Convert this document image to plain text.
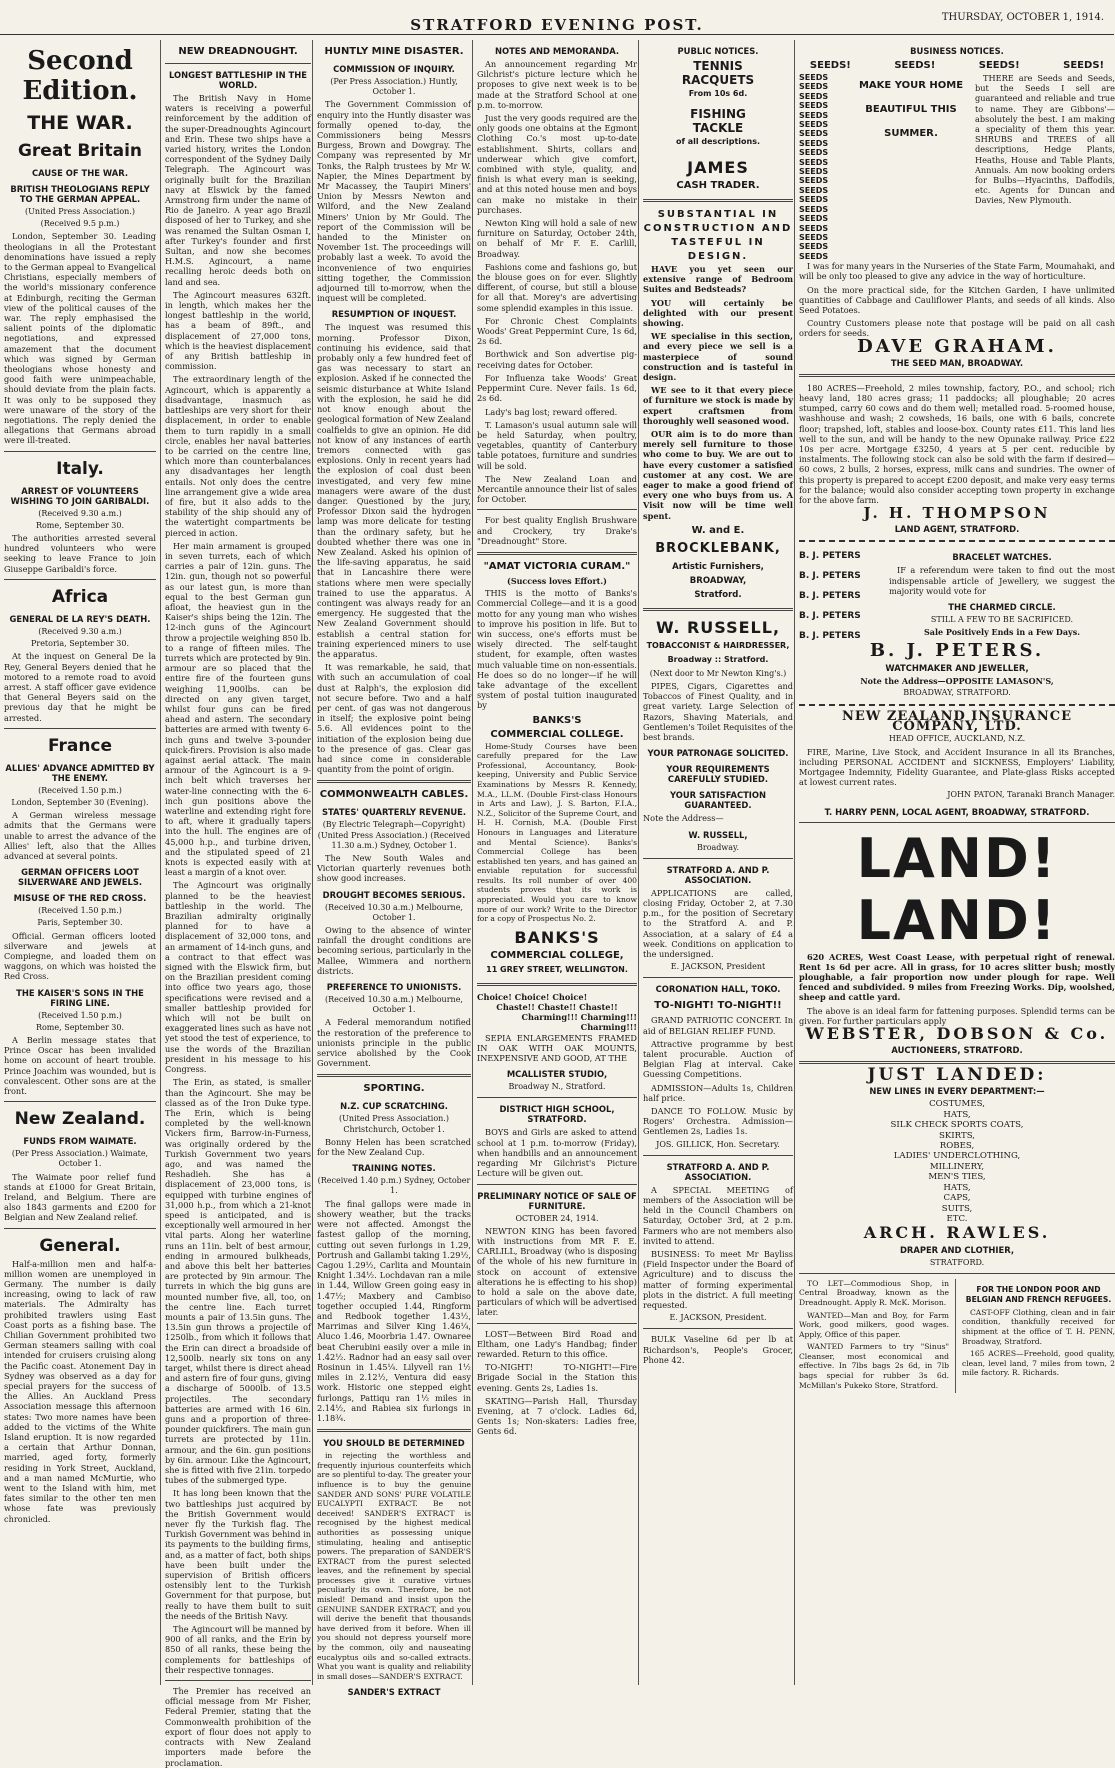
STRATFORD EVENING POST.	THURSDAY, OCTOBER 1, 1914.
Second Edition.
THE WAR.
Great Britain
CAUSE OF THE WAR.
BRITISH THEOLOGIANS REPLY TO THE GERMAN APPEAL.
(United Press Association.)
(Received 9.5 p.m.)

London, September 30. Leading theologians in all the Protestant denominations have issued a reply to the German appeal to Evangelical Christians, especially members of the world's missionary conference at Edinburgh, reciting the German view of the political causes of the war. The reply emphasised the salient points of the diplomatic negotiations, and expressed amazement that the document which was signed by German theologians whose honesty and good faith were unimpeachable, should deviate from the plain facts. It was only to be supposed they were unaware of the story of the negotiations. The reply denied the allegations that Germans abroad were ill-treated.

Italy.
ARREST OF VOLUNTEERS WISHING TO JOIN GARIBALDI.
(Received 9.30 a.m.)
Rome, September 30.

The authorities arrested several hundred volunteers who were seeking to leave France to join Giuseppe Garibaldi's force.

Africa
GENERAL DE LA REY'S DEATH.
(Received 9.30 a.m.)
Pretoria, September 30.

At the inquest on General De la Rey, General Beyers denied that he motored to a remote road to avoid arrest. A staff officer gave evidence that General Beyers said on the previous day that he might be arrested.

France
ALLIES' ADVANCE ADMITTED BY THE ENEMY.
(Received 1.50 p.m.)
London, September 30 (Evening).

A German wireless message admits that the Germans were unable to arrest the advance of the Allies' left, also that the Allies advanced at several points.

GERMAN OFFICERS LOOT SILVERWARE AND JEWELS.
MISUSE OF THE RED CROSS.
(Received 1.50 p.m.)
Paris, September 30.

Official. German officers looted silverware and jewels at Compiegne, and loaded them on waggons, on which was hoisted the Red Cross.

THE KAISER'S SONS IN THE FIRING LINE.
(Received 1.50 p.m.)
Rome, September 30.

A Berlin message states that Prince Oscar has been invalided home on account of heart trouble. Prince Joachim was wounded, but is convalescent. Other sons are at the front.

New Zealand.
FUNDS FROM WAIMATE.
(Per Press Association.) Waimate, October 1.

The Waimate poor relief fund stands at £1000 for Great Britain, Ireland, and Belgium. There are also 1843 garments and £200 for Belgian and New Zealand relief.

General.

Half-a-million men and half-a-million women are unemployed in Germany. The number is daily increasing, owing to lack of raw materials. The Admiralty has prohibited trawlers using East Coast ports as a fishing base. The Chilian Government prohibited two German steamers sailing with coal intended for cruisers cruising along the Pacific coast. Atonement Day in Sydney was observed as a day for special prayers for the success of the Allies. An Auckland Press Association message this afternoon states: Two more names have been added to the victims of the White Island eruption. It is now regarded a certain that Arthur Donnan, married, aged forty, formerly residing in York Street, Auckland, and a man named McMurtie, who went to the Island with him, met fates similar to the other ten men whose fate was previously chronicled.

NEW DREADNOUGHT.
LONGEST BATTLESHIP IN THE WORLD.

The British Navy in Home waters is receiving a powerful reinforcement by the addition of the super-Dreadnoughts Agincourt and Erin. These two ships have a varied history, writes the London correspondent of the Sydney Daily Telegraph. The Agincourt was originally built for the Brazilian navy at Elswick by the famed Armstrong firm under the name of Rio de Janeiro. A year ago Brazil disposed of her to Turkey, and she was renamed the Sultan Osman I, after Turkey's founder and first Sultan, and now she becomes H.M.S. Agincourt, a name recalling heroic deeds both on land and sea.

The Agincourt measures 632ft. in length, which makes her the longest battleship in the world, has a beam of 89ft., and displacement of 27,000 tons, which is the heaviest displacement of any British battleship in commission.

The extraordinary length of the Agincourt, which is apparently a disadvantage, inasmuch as battleships are very short for their displacement, in order to enable them to turn rapidly in a small circle, enables her naval batteries to be carried on the centre line, which more than counterbalances any disadvantages her length entails. Not only does the centre line arrangement give a wide area of fire, but it also adds to the stability of the ship should any of the watertight compartments be pierced in action.

Her main armament is grouped in seven turrets, each of which carries a pair of 12in. guns. The 12in. gun, though not so powerful as our latest gun, is more than equal to the best German gun afloat, the heaviest gun in the Kaiser's ships being the 12in. The 12-inch guns of the Agincourt throw a projectile weighing 850 lb. to a range of fifteen miles. The turrets which are protected by 9in. armour are so placed that the entire fire of the fourteen guns weighing 11,900lbs. can be directed on any given target, whilst four guns can be fired ahead and astern. The secondary batteries are armed with twenty 6-inch guns and twelve 3-pounder quick-firers. Provision is also made against aerial attack. The main armour of the Agincourt is a 9-inch belt which traverses her water-line connecting with the 6-inch gun positions above the waterline and extending right fore to aft, where it gradually tapers into the hull. The engines are of 45,000 h.p., and turbine driven, and the stipulated speed of 21 knots is expected easily with at least a margin of a knot over.

The Agincourt was originally planned to be the heaviest battleship in the world. The Brazilian admiralty originally planned for to have a displacement of 32,000 tons, and an armament of 14-inch guns, and a contract to that effect was signed with the Elswick firm, but on the Brazilian president coming into office two years ago, those specifications were revised and a smaller battleship provided for which will not be built on exaggerated lines such as have not yet stood the test of experience, to use the words of the Brazilian president in his message to his Congress.

The Erin, as stated, is smaller than the Agincourt. She may be classed as of the Iron Duke type. The Erin, which is being completed by the well-known Vickers firm, Barrow-in-Furness, was originally ordered by the Turkish Government two years ago, and was named the Reshadieh. She has a displacement of 23,000 tons, is equipped with turbine engines of 31,000 h.p., from which a 21-knot speed is anticipated, and is exceptionally well armoured in her vital parts. Along her waterline runs an 11in. belt of best armour, ending in armoured bulkheads, and above this belt her batteries are protected by 9in armour. The turrets in which the big guns are mounted number five, all, too, on the centre line. Each turret mounts a pair of 13.5in guns. The 13.5in gun throws a projectile of 1250lb., from which it follows that the Erin can direct a broadside of 12,500lb. nearly six tons on any target, whilst there is direct ahead and astern fire of four guns, giving a discharge of 5000lb. of 13.5 projectiles. The secondary batteries are armed with 16 6in. guns and a proportion of three-pounder quickfirers. The main gun turrets are protected by 11in. armour, and the 6in. gun positions by 6in. armour. Like the Agincourt, she is fitted with five 21in. torpedo tubes of the submerged type.

It has long been known that the two battleships just acquired by the British Government would never fly the Turkish flag. The Turkish Government was behind in its payments to the building firms, and, as a matter of fact, both ships have been built under the supervision of British officers ostensibly lent to the Turkish Government for that purpose, but really to have them built to suit the needs of the British Navy.

The Agincourt will be manned by 900 of all ranks, and the Erin by 850 of all ranks, these being the complements for battleships of their respective tonnages.

The Premier has received an official message from Mr Fisher, Federal Premier, stating that the Commonwealth prohibition of the export of flour does not apply to contracts with New Zealand importers made before the proclamation.

HUNTLY MINE DISASTER.
COMMISSION OF INQUIRY.
(Per Press Association.) Huntly, October 1.

The Government Commission of enquiry into the Huntly disaster was formally opened to-day, the Commissioners being Messrs Burgess, Brown and Dowgray. The Company was represented by Mr Tonks, the Ralph trustees by Mr W. Napier, the Mines Department by Mr Macassey, the Taupiri Miners' Union by Messrs Newton and Wilford, and the New Zealand Miners' Union by Mr Gould. The report of the Commission will be handed to the Minister on November 1st. The proceedings will probably last a week. To avoid the inconvenience of two enquiries sitting together, the Commission adjourned till to-morrow, when the inquest will be completed.

RESUMPTION OF INQUEST.

The inquest was resumed this morning. Professor Dixon, continuing his evidence, said that probably only a few hundred feet of gas was necessary to start an explosion. Asked if he connected the seismic disturbance at White Island with the explosion, he said he did not know enough about the geological formation of New Zealand coalfields to give an opinion. He did not know of any instances of earth tremors connected with gas explosions. Only in recent years had the explosion of coal dust been investigated, and very few mine managers were aware of the dust danger. Questioned by the jury, Professor Dixon said the hydrogen lamp was more delicate for testing than the ordinary safety, but he doubted whether there was one in New Zealand. Asked his opinion of the life-saving apparatus, he said that in Lancashire there were stations where men were specially trained to use the apparatus. A contingent was always ready for an emergency. He suggested that the New Zealand Government should establish a central station for training experienced miners to use the apparatus.

It was remarkable, he said, that with such an accumulation of coal dust at Ralph's, the explosion did not secure before. Two and a half per cent. of gas was not dangerous in itself; the explosive point being 5.6. All evidences point to the initiation of the explosion being due to the presence of gas. Clear gas had since come in considerable quantity from the point of origin.

COMMONWEALTH CABLES.
STATES' QUARTERLY REVENUE.
(By Electric Telegraph—Copyright) (United Press Association.) (Received 11.30 a.m.) Sydney, October 1.

The New South Wales and Victorian quarterly revenues both show good increases.

DROUGHT BECOMES SERIOUS.
(Received 10.30 a.m.) Melbourne, October 1.

Owing to the absence of winter rainfall the drought conditions are becoming serious, particularly in the Mallee, Wimmera and northern districts.

PREFERENCE TO UNIONISTS.
(Received 10.30 a.m.) Melbourne, October 1.

A Federal memorandum notified the restoration of the preference to unionists principle in the public service abolished by the Cook Government.

SPORTING.
N.Z. CUP SCRATCHING.
(United Press Association.) Christchurch, October 1.

Bonny Helen has been scratched for the New Zealand Cup.

TRAINING NOTES.
(Received 1.40 p.m.) Sydney, October 1.

The final gallops were made in showery weather, but the tracks were not affected. Amongst the fastest gallop of the morning, cutting out seven furlongs in 1.29, Portrush and Gallambi taking 1.29½, Cagou 1.29½, Carlita and Mountain Knight 1.34½. Lochdavan ran a mile in 1.44, Willow Green going easy in 1.47½; Maxbery and Cambiso together occupied 1.44, Ringform and Redbook together 1.43½, Marrimas and Silver King 1.46¼, Aluco 1.46, Moorbria 1.47. Ownaree beat Cherubini easily over a mile in 1.42½. Radnor had an easy sail over Rosinun in 1.45¼. Lilyvell ran 1½ miles in 2.12½, Ventura did easy work. Historic one stepped eight furlongs, Pattiqu ran 1½ miles in 2.14½, and Rabiea six furlongs in 1.18¾.

YOU SHOULD BE DETERMINED

in rejecting the worthless and frequently injurious counterfeits which are so plentiful to-day. The greater your influence is to buy the genuine SANDER AND SONS' PURE VOLATILE EUCALYPTI EXTRACT. Be not deceived! SANDER'S EXTRACT is recognised by the highest medical authorities as possessing unique stimulating, healing and antiseptic powers. The preparation of SANDER'S EXTRACT from the purest selected leaves, and the refinement by special processes give it curative virtues peculiarly its own. Therefore, be not misled! Demand and insist upon the GENUINE SANDER EXTRACT, and you will derive the benefit that thousands have derived from it before. When ill you should not depress yourself more by the common, oily and nauseating eucalyptus oils and so-called extracts. What you want is quality and reliability in small doses—SANDER'S EXTRACT.

SANDER'S EXTRACT
NOTES AND MEMORANDA.

An announcement regarding Mr Gilchrist's picture lecture which he proposes to give next week is to be made at the Stratford School at one p.m. to-morrow.

Just the very goods required are the only goods one obtains at the Egmont Clothing Co.'s most up-to-date establishment. Shirts, collars and underwear which give comfort, combined with style, quality, and finish is what every man is seeking, and at this noted house men and boys can make no mistake in their purchases.

Newton King will hold a sale of new furniture on Saturday, October 24th, on behalf of Mr F. E. Carlill, Broadway.

Fashions come and fashions go, but the blouse goes on for ever. Slightly different, of course, but still a blouse for all that. Morey's are advertising some splendid examples in this issue.

For Chronic Chest Complaints Woods' Great Peppermint Cure, 1s 6d, 2s 6d.

Borthwick and Son advertise pig-receiving dates for October.

For Influenza take Woods' Great Peppermint Cure. Never fails. 1s 6d, 2s 6d.

Lady's bag lost; reward offered.

T. Lamason's usual autumn sale will be held Saturday, when poultry, vegetables, quantity of Canterbury table potatoes, furniture and sundries will be sold.

The New Zealand Loan and Mercantile announce their list of sales for October.

For best quality English Brushware and Crockery, try Drake's "Dreadnought" Store.

"AMAT VICTORIA CURAM."
(Success loves Effort.)

THIS is the motto of Banks's Commercial College—and it is a good motto for any young man who wishes to improve his position in life. But to win success, one's efforts must be wisely directed. The self-taught student, for example, often wastes much valuable time on non-essentials. He does so do no longer—if he will take advantage of the excellent system of postal tuition inaugurated by

BANKS'S
COMMERCIAL COLLEGE.

Home-Study Courses have been carefully prepared for the Law Professional, Accountancy, Book-keeping, University and Public Service Examinations by Messrs R. Kennedy, M.A., LL.M. (Double First-class Honours in Arts and Law), J. S. Barton, F.I.A., N.Z., Solicitor of the Supreme Court, and H. H. Cornish, M.A. (Double First Honours in Languages and Literature and Mental Science). Banks's Commercial College has been established ten years, and has gained an enviable reputation for successful results. Its roll number of over 400 students proves that its work is appreciated. Would you care to know more of our work? Write to the Director for a copy of Prospectus No. 2.

BANKS'S
COMMERCIAL COLLEGE,
11 GREY STREET, WELLINGTON.
Choice! Choice! Choice!
Chaste!! Chaste!! Chaste!!
Charming!!! Charming!!! Charming!!!

SEPIA ENLARGEMENTS FRAMED IN OAK WITH OAK MOUNTS, INEXPENSIVE AND GOOD, AT THE

MCALLISTER STUDIO,
Broadway N., Stratford.
DISTRICT HIGH SCHOOL, STRATFORD.

BOYS and Girls are asked to attend school at 1 p.m. to-morrow (Friday), when handbills and an announcement regarding Mr Gilchrist's Picture Lecture will be given out.

PRELIMINARY NOTICE OF SALE OF FURNITURE.
OCTOBER 24, 1914.

NEWTON KING has been favored with instructions from MR F. E. CARLILL, Broadway (who is disposing of the whole of his new furniture in stock on account of extensive alterations he is effecting to his shop) to hold a sale on the above date, particulars of which will be advertised later.

LOST—Between Bird Road and Eltham, one Lady's Handbag; finder rewarded. Return to this office.

TO-NIGHT! TO-NIGHT!—Fire Brigade Social in the Station this evening. Gents 2s, Ladies 1s.

SKATING—Parish Hall, Thursday Evening, at 7 o'clock. Ladies 6d, Gents 1s; Non-skaters: Ladies free, Gents 6d.

PUBLIC NOTICES.
TENNIS
RACQUETS
From 10s 6d.
FISHING
TACKLE
of all descriptions.
JAMES
CASH TRADER.
SUBSTANTIAL IN CONSTRUCTION AND TASTEFUL IN DESIGN.

HAVE you yet seen our extensive range of Bedroom Suites and Bedsteads?

YOU will certainly be delighted with our present showing.

WE specialise in this section, and every piece we sell is a masterpiece of sound construction and is tasteful in design.

WE see to it that every piece of furniture we stock is made by expert craftsmen from thoroughly well seasoned wood.

OUR aim is to do more than merely sell furniture to those who come to buy. We are out to have every customer a satisfied customer at any cost. We are eager to make a good friend of every one who buys from us. A Visit now will be time well spent.

W. and E.
BROCKLEBANK,
Artistic Furnishers,
BROADWAY,
Stratford.
W. RUSSELL,
TOBACCONIST & HAIRDRESSER,
Broadway :: Stratford.
(Next door to Mr Newton King's.)

PIPES, Cigars, Cigarettes and Tobaccos of Finest Quality, and in great variety. Large Selection of Razors, Shaving Materials, and Gentlemen's Toilet Requisites of the best brands.

YOUR PATRONAGE SOLICITED.
YOUR REQUIREMENTS CAREFULLY STUDIED.
YOUR SATISFACTION GUARANTEED.
Note the Address—
W. RUSSELL,
Broadway.
STRATFORD A. AND P. ASSOCIATION.

APPLICATIONS are called, closing Friday, October 2, at 7.30 p.m., for the position of Secretary to the Stratford A. and P. Association, at a salary of £4 a week. Conditions on application to the undersigned.

E. JACKSON, President
CORONATION HALL, TOKO.
TO-NIGHT! TO-NIGHT!!

GRAND PATRIOTIC CONCERT. In aid of BELGIAN RELIEF FUND.

Attractive programme by best talent procurable. Auction of Belgian Flag at interval. Cake Guessing Competitions.

ADMISSION—Adults 1s, Children half price.

DANCE TO FOLLOW. Music by Rogers' Orchestra. Admission—Gentlemen 2s, Ladies 1s.

JOS. GILLICK, Hon. Secretary.
STRATFORD A. AND P. ASSOCIATION.

A SPECIAL MEETING of members of the Association will be held in the Council Chambers on Saturday, October 3rd, at 2 p.m. Farmers who are not members also invited to attend.

BUSINESS: To meet Mr Bayliss (Field Inspector under the Board of Agriculture) and to discuss the matter of forming experimental plots in the district. A full meeting requested.

E. JACKSON, President.

BULK Vaseline 6d per lb at Richardson's, People's Grocer, Phone 42.

BUSINESS NOTICES.
SEEDS! SEEDS! SEEDS! SEEDS!
SEEDS
SEEDS
SEEDS
SEEDS
SEEDS
SEEDS
SEEDS
SEEDS
SEEDS
SEEDS
SEEDS
SEEDS
SEEDS
SEEDS
SEEDS
SEEDS
SEEDS
SEEDS
SEEDS
SEEDS
MAKE YOUR HOME
BEAUTIFUL THIS
SUMMER.

THERE are Seeds and Seeds, but the Seeds I sell are guaranteed and reliable and true to name. They are Gibbons'—absolutely the best. I am making a speciality of them this year. SHRUBS and TREES of all descriptions, Hedge Plants, Heaths, House and Table Plants, Annuals. Am now booking orders for Bulbs—Hyacinths, Daffodils, etc. Agents for Duncan and Davies, New Plymouth.

I was for many years in the Nurseries of the State Farm, Moumahaki, and will be only too pleased to give any advice in the way of horticulture.

On the more practical side, for the Kitchen Garden, I have unlimited quantities of Cabbage and Cauliflower Plants, and seeds of all kinds. Also Seed Potatoes.

Country Customers please note that postage will be paid on all cash orders for seeds.

DAVE GRAHAM.
THE SEED MAN, BROADWAY.

180 ACRES—Freehold, 2 miles township, factory, P.O., and school; rich heavy land, 180 acres grass; 11 paddocks; all ploughable; 20 acres stumped, carry 60 cows and do them well; metalled road. 5-roomed house, washhouse and wash; 2 cowsheds, 16 bails, one with 6 bails, concrete floor; trapshed, loft, stables and loose-box. County rates £11. This land lies well to the sun, and will be handy to the new Opunake railway. Price £22 10s per acre. Mortgage £3250, 4 years at 5 per cent. reducible by instalments. The following stock can also be sold with the farm if desired—60 cows, 2 bulls, 2 horses, express, milk cans and sundries. The owner of this property is prepared to accept £200 deposit, and make very easy terms for the balance; would also consider accepting town property in exchange for the above farm.

J. H. THOMPSON
LAND AGENT, STRATFORD.
B. J. PETERS
B. J. PETERS
B. J. PETERS
B. J. PETERS
B. J. PETERS
BRACELET WATCHES.

IF a referendum were taken to find out the most indispensable article of Jewellery, we suggest the majority would vote for

THE CHARMED CIRCLE.
STILL A FEW TO BE SACRIFICED.
Sale Positively Ends in a Few Days.
B. J. PETERS.
WATCHMAKER AND JEWELLER,
Note the Address—OPPOSITE LAMASON'S,
BROADWAY, STRATFORD.
NEW ZEALAND INSURANCE COMPANY, LTD.
HEAD OFFICE, AUCKLAND, N.Z.

FIRE, Marine, Live Stock, and Accident Insurance in all its Branches, including PERSONAL ACCIDENT and SICKNESS, Employers' Liability, Mortgagee Indemnity, Fidelity Guarantee, and Plate-glass Risks accepted at lowest current rates.

JOHN PATON, Taranaki Branch Manager.
T. HARRY PENN, LOCAL AGENT, BROADWAY, STRATFORD.
LAND! LAND!

620 ACRES, West Coast Lease, with perpetual right of renewal. Rent 1s 6d per acre. All in grass, for 10 acres slitter bush; mostly ploughable, a fair proportion now under plough for rape. Well fenced and subdivided. 9 miles from Freezing Works. Dip, woolshed, sheep and cattle yard.

The above is an ideal farm for fattening purposes. Splendid terms can be given. For further particulars apply

WEBSTER, DOBSON & Co.
AUCTIONEERS, STRATFORD.
JUST LANDED:
NEW LINES IN EVERY DEPARTMENT:—
COSTUMES,
HATS,
SILK CHECK SPORTS COATS,
SKIRTS,
ROBES,
LADIES' UNDERCLOTHING,
MILLINERY,
MEN'S TIES,
HATS,
CAPS,
SUITS,
ETC.
ARCH. RAWLES.
DRAPER AND CLOTHIER,
STRATFORD.

TO LET—Commodious Shop, in Central Broadway, known as the Dreadnought. Apply R. McK. Morison.

WANTED—Man and Boy, for Farm Work, good milkers, good wages. Apply, Office of this paper.

WANTED Farmers to try "Sinus" Cleanser, most economical and effective. In 7lbs bags 2s 6d, in 7lb bags special for rubber 3s 6d. McMillan's Pukeko Store, Stratford.

FOR THE LONDON POOR AND BELGIAN AND FRENCH REFUGEES.

CAST-OFF Clothing, clean and in fair condition, thankfully received for shipment at the office of T. H. PENN, Broadway, Stratford.

165 ACRES—Freehold, good quality, clean, level land, 7 miles from town, 2 mile factory. R. Richards.
